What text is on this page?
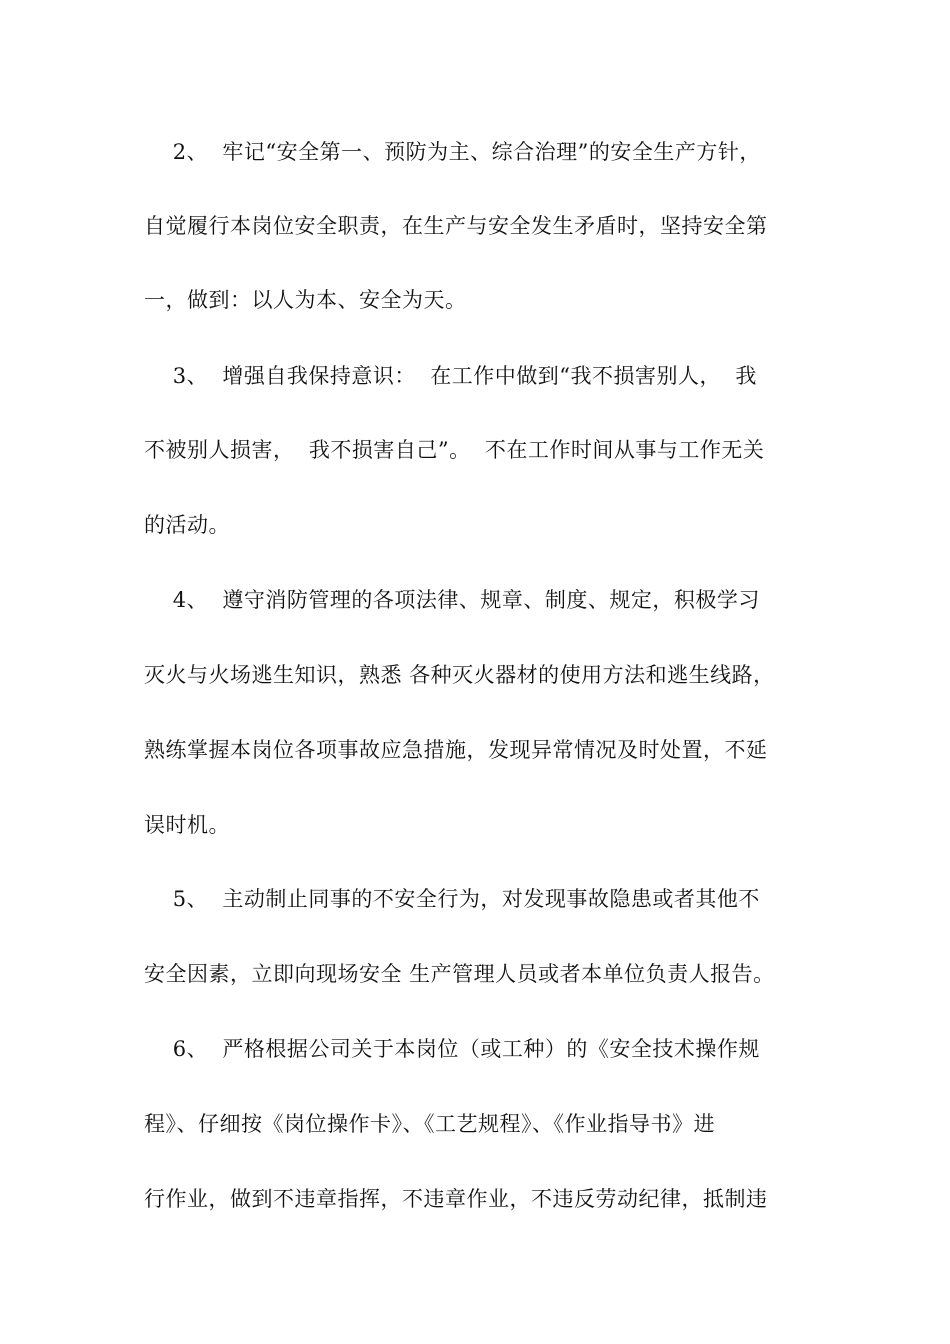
2、  牢记“安全第一、预防为主、综合治理”的安全生产方针，
自觉履行本岗位安全职责，在生产与安全发生矛盾时，坚持安全第
一，做到：以人为本、安全为天。
3、  增强自我保持意识：  在工作中做到“我不损害别人，  我
不被别人损害，  我不损害自己”。  不在工作时间从事与工作无关
的活动。
4、  遵守消防管理的各项法律、规章、制度、规定，积极学习
灭火与火场逃生知识，熟悉 各种灭火器材的使用方法和逃生线路，
熟练掌握本岗位各项事故应急措施，发现异常情况及时处置，不延
误时机。
5、  主动制止同事的不安全行为，对发现事故隐患或者其他不
安全因素，立即向现场安全 生产管理人员或者本单位负责人报告。
6、  严格根据公司关于本岗位（或工种）的《安全技术操作规
程》、仔细按《岗位操作卡》、《工艺规程》、《作业指导书》进
行作业，做到不违章指挥，不违章作业，不违反劳动纪律，抵制违
